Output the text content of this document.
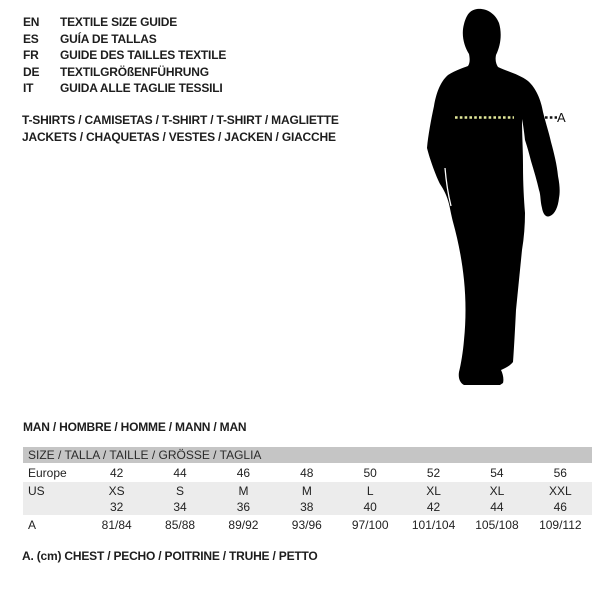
A
EN TEXTILE SIZE GUIDE
ES GUÍA DE TALLAS
FR GUIDE DES TAILLES TEXTILE
DE TEXTILGRÖßENFÜHRUNG
IT GUIDA ALLE TAGLIE TESSILI
T-SHIRTS / CAMISETAS / T-SHIRT / T-SHIRT / MAGLIETTE
JACKETS / CHAQUETAS / VESTES / JACKEN / GIACCHE
MAN / HOMBRE / HOMME / MANN / MAN
SIZE / TALLA / TAILLE / GRÖSSE / TAGLIA
Europe	42	44	46	48	50	52	54	56
US	XS	S	M	M	L	XL	XL	XXL
32	34	36	38	40	42	44	46
A	81/84	85/88	89/92	93/96	97/100	101/104	105/108	109/112
A. (cm) CHEST / PECHO / POITRINE / TRUHE / PETTO
